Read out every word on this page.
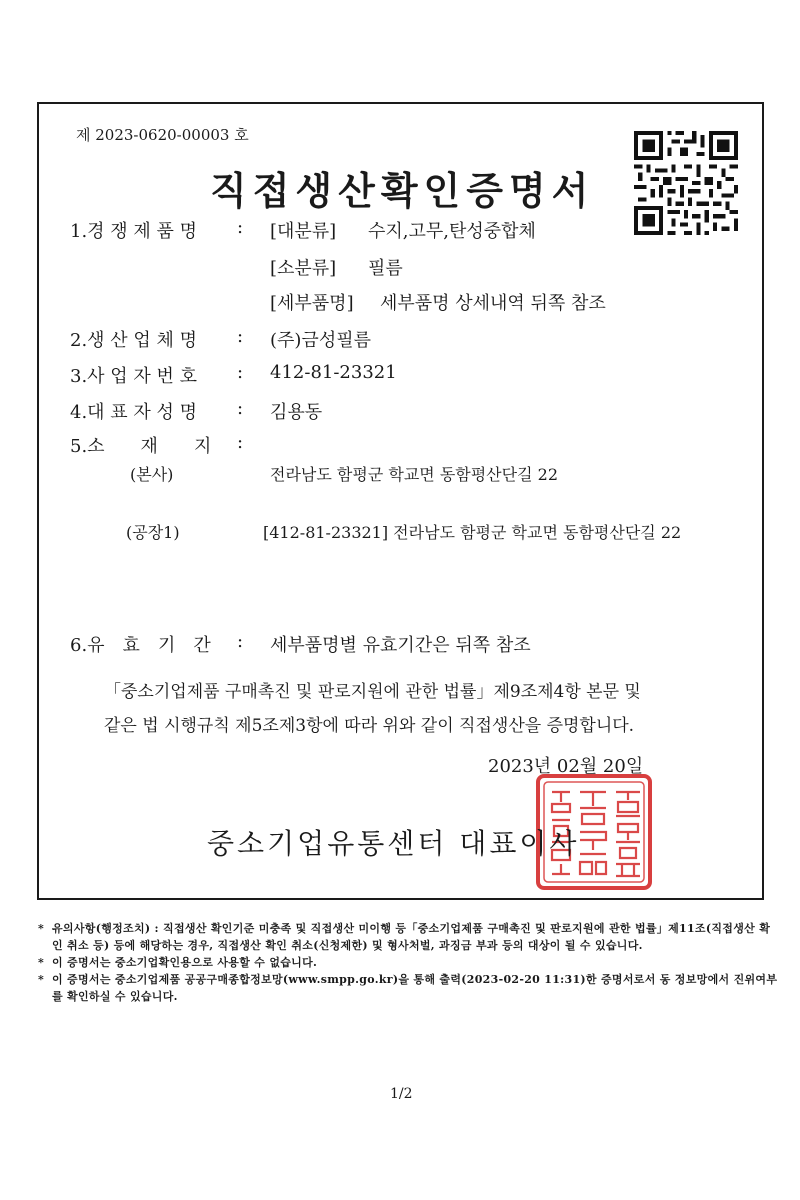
제 2023-0620-00003 호
직접생산확인증명서
1.경 쟁 제 품 명 : [대분류] 수지,고무,탄성중합체
[소분류] 필름
[세부품명] 세부품명 상세내역 뒤쪽 참조
2.생 산 업 체 명 : (주)금성필름
3.사 업 자 번 호 : 412-81-23321
4.대 표 자 성 명 : 김용동
5.소　　재　　지 :
(본사)	전라남도 함평군 학교면 동함평산단길 22
(공장1)	[412-81-23321] 전라남도 함평군 학교면 동함평산단길 22
6.유　효　기　간 : 세부품명별 유효기간은 뒤쪽 참조
「중소기업제품 구매촉진 및 판로지원에 관한 법률」제9조제4항 본문 및
같은 법 시행규칙 제5조제3항에 따라 위와 같이 직접생산을 증명합니다.
2023년 02월 20일
중소기업유통센터 대표이사
* 유의사항(행정조치) : 직접생산 확인기준 미충족 및 직접생산 미이행 등「중소기업제품 구매촉진 및 판로지원에 관한 법률」제11조(직접생산 확인 취소 등) 등에 해당하는 경우, 직접생산 확인 취소(신청제한) 및 형사처벌, 과징금 부과 등의 대상이 될 수 있습니다.
* 이 증명서는 중소기업확인용으로 사용할 수 없습니다.
* 이 증명서는 중소기업제품 공공구매종합정보망(www.smpp.go.kr)을 통해 출력(2023-02-20 11:31)한 증명서로서 동 정보망에서 진위여부를 확인하실 수 있습니다.
1/2
